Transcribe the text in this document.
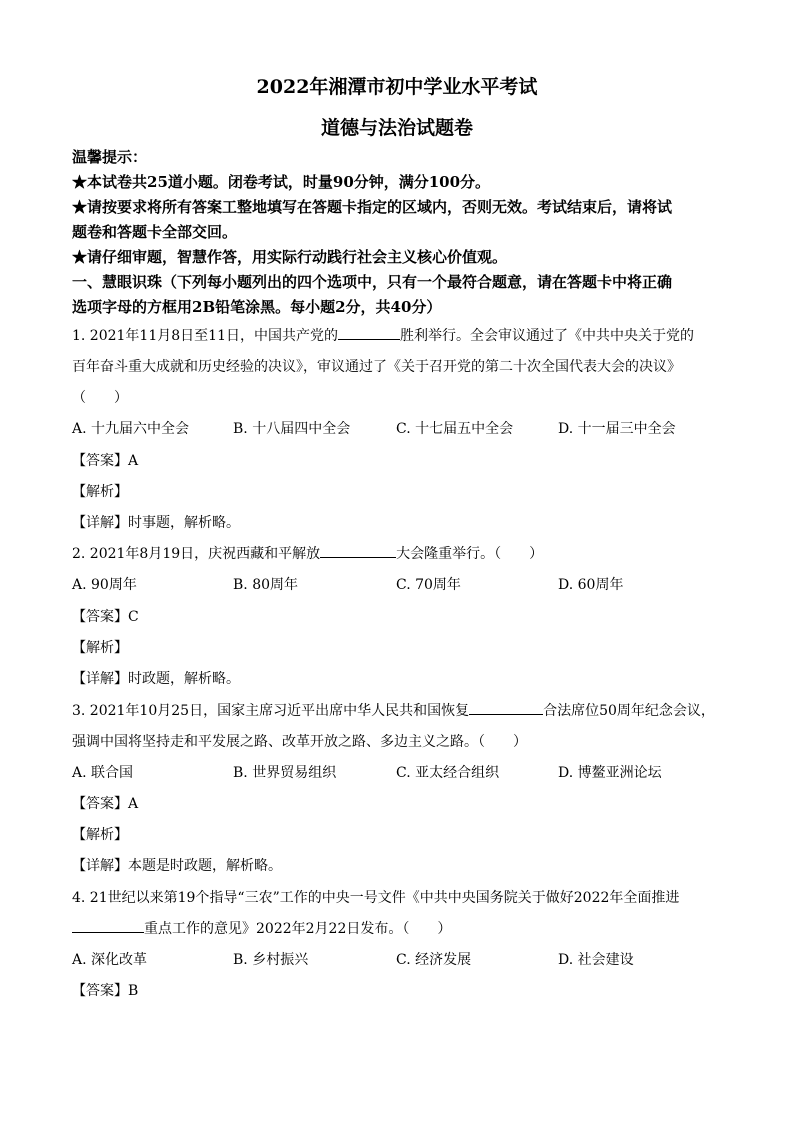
2022年湘潭市初中学业水平考试
道德与法治试题卷
温馨提示：
★本试卷共25道小题。闭卷考试，时量90分钟，满分100分。
★请按要求将所有答案工整地填写在答题卡指定的区域内，否则无效。考试结束后，请将试
题卷和答题卡全部交回。
★请仔细审题，智慧作答，用实际行动践行社会主义核心价值观。
一、慧眼识珠（下列每小题列出的四个选项中，只有一个最符合题意，请在答题卡中将正确
选项字母的方框用2B铅笔涂黑。每小题2分，共40分）
1. 2021年11月8日至11日，中国共产党的	胜利举行。全会审议通过了《中共中央关于党的
百年奋斗重大成就和历史经验的决议》，审议通过了《关于召开党的第二十次全国代表大会的决议》
（　　）
A. 十九届六中全会	B. 十八届四中全会	C. 十七届五中全会	D. 十一届三中全会
【答案】A
【解析】
【详解】时事题，解析略。
2. 2021年8月19日，庆祝西藏和平解放	大会隆重举行。（　　）
A. 90周年	B. 80周年	C. 70周年	D. 60周年
【答案】C
【解析】
【详解】时政题，解析略。
3. 2021年10月25日，国家主席习近平出席中华人民共和国恢复	合法席位50周年纪念会议，
强调中国将坚持走和平发展之路、改革开放之路、多边主义之路。（　　）
A. 联合国	B. 世界贸易组织	C. 亚太经合组织	D. 博鳌亚洲论坛
【答案】A
【解析】
【详解】本题是时政题，解析略。
4. 21世纪以来第19个指导“三农”工作的中央一号文件《中共中央国务院关于做好2022年全面推进
重点工作的意见》2022年2月22日发布。（　　）
A. 深化改革	B. 乡村振兴	C. 经济发展	D. 社会建设
【答案】B
